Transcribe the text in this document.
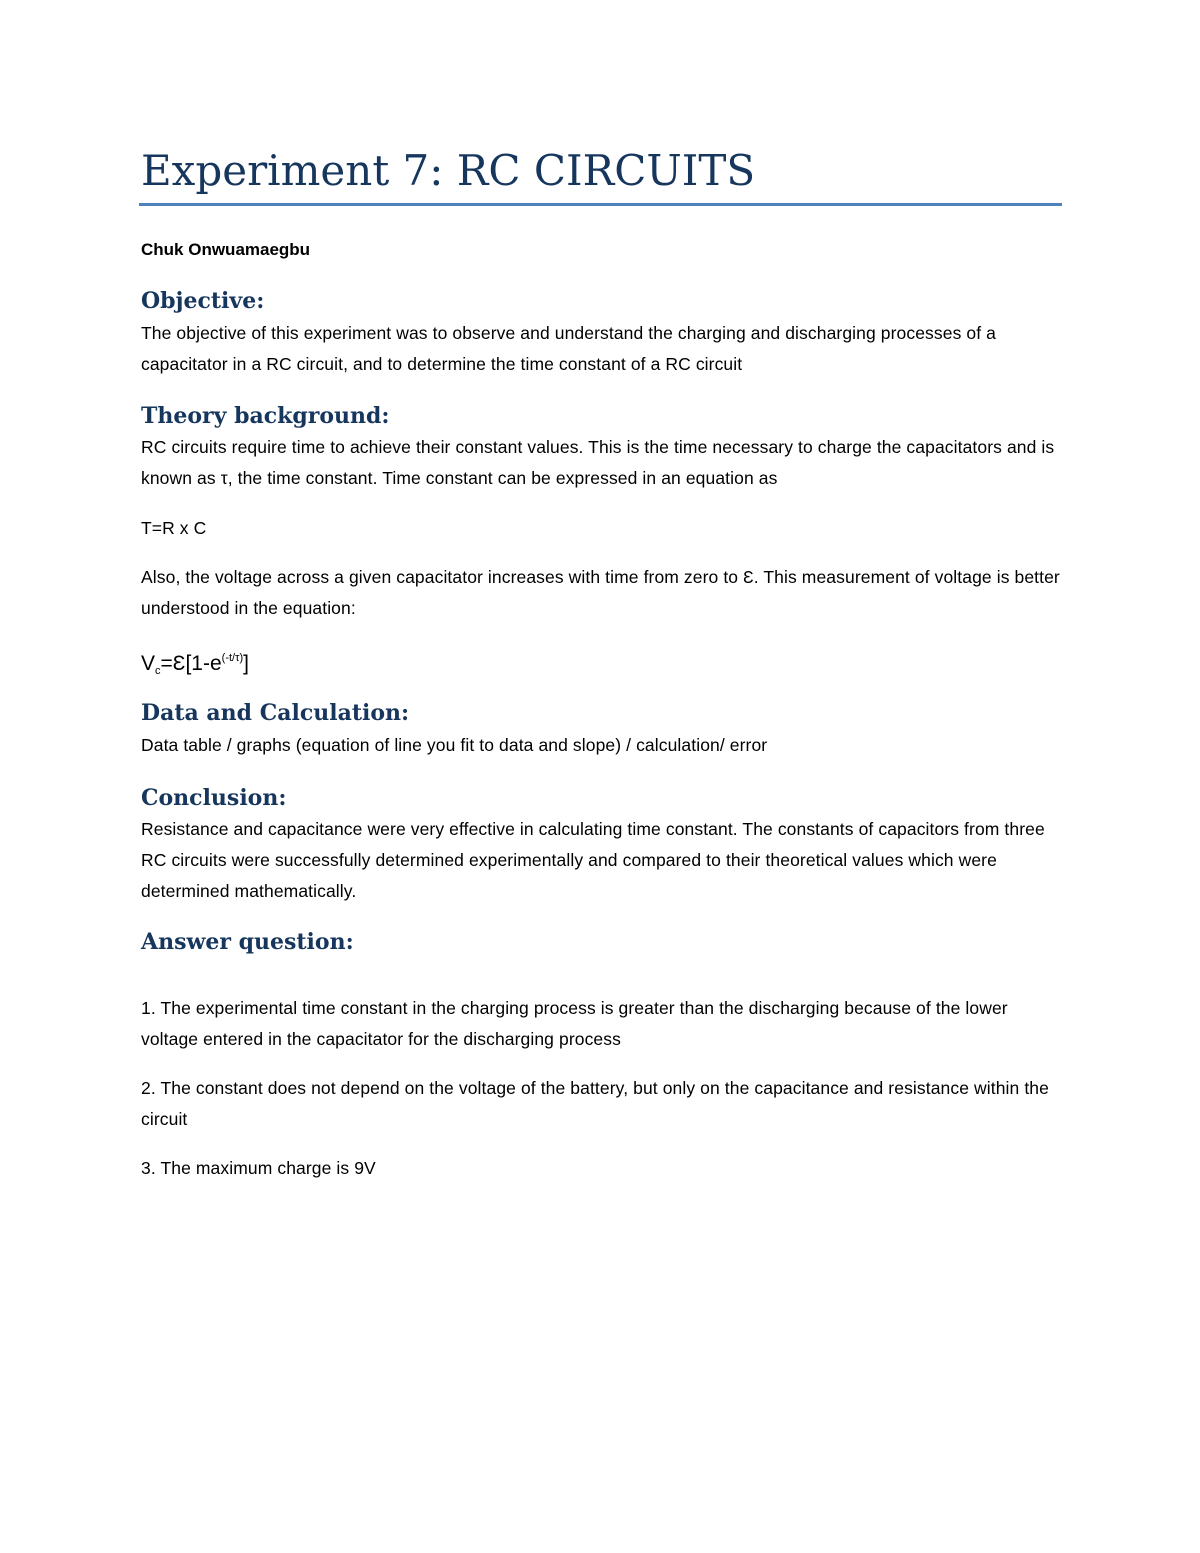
Experiment 7: RC CIRCUITS
Chuk Onwuamaegbu
Objective:

The objective of this experiment was to observe and understand the charging and discharging processes of a capacitator in a RC circuit, and to determine the time constant of a RC circuit

Theory background:

RC circuits require time to achieve their constant values. This is the time necessary to charge the capacitators and is known as τ, the time constant. Time constant can be expressed in an equation as

T=R x C

Also, the voltage across a given capacitator increases with time from zero to Ɛ. This measurement of voltage is better understood in the equation:

$V_c=Ɛ[1-e^{(-t/\tau)}]$
Data and Calculation:

Data table / graphs (equation of line you fit to data and slope) / calculation/ error

Conclusion:

Resistance and capacitance were very effective in calculating time constant. The constants of capacitors from three RC circuits were successfully determined experimentally and compared to their theoretical values which were determined mathematically.

Answer question:

1. The experimental time constant in the charging process is greater than the discharging because of the lower voltage entered in the capacitator for the discharging process

2. The constant does not depend on the voltage of the battery, but only on the capacitance and resistance within the circuit

3. The maximum charge is 9V
